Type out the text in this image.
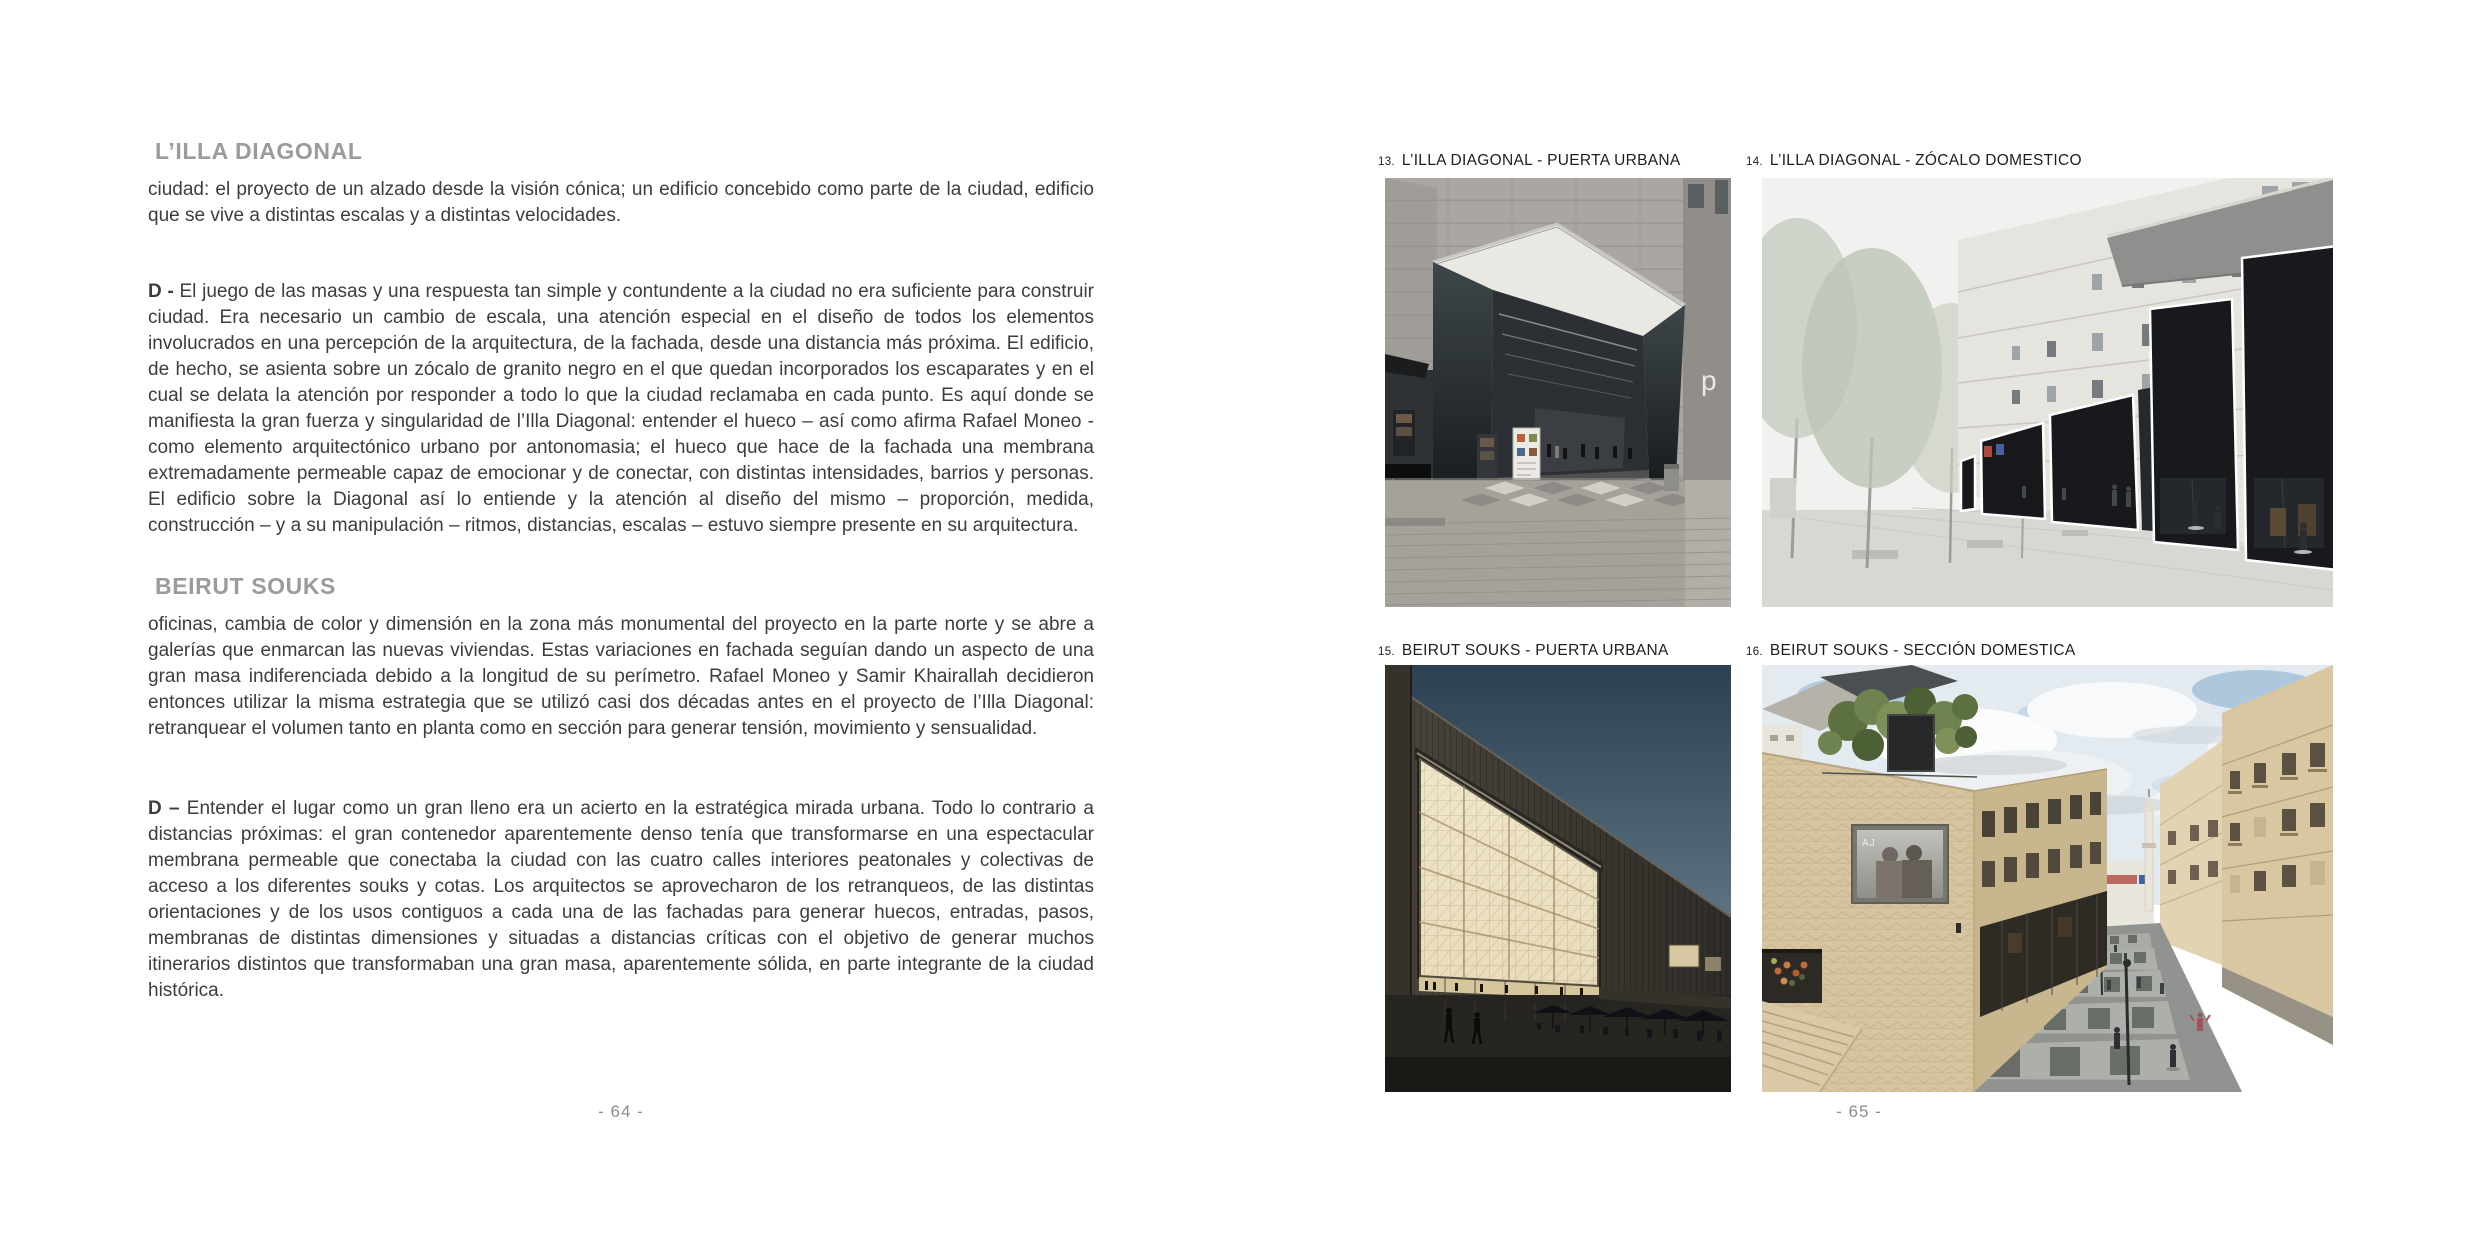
L’ILLA DIAGONAL

ciudad: el proyecto de un alzado desde la visión cónica; un edificio concebido como parte de la ciudad, edificio que se vive a distintas escalas y a distintas velocidades.

D - El juego de las masas y una respuesta tan simple y contundente a la ciudad no era suficiente para construir ciudad. Era necesario un cambio de escala, una atención especial en el diseño de todos los elementos involucrados en una percepción de la arquitectura, de la fachada, desde una distancia más próxima. El edificio, de hecho, se asienta sobre un zócalo de granito negro en el que quedan incorporados los escaparates y en el cual se delata la atención por responder a todo lo que la ciudad reclamaba en cada punto. Es aquí donde se manifiesta la gran fuerza y singularidad de l’Illa Diagonal: entender el hueco – así como afirma Rafael Moneo - como elemento arquitectónico urbano por antonomasia; el hueco que hace de la fachada una membrana extremadamente permeable capaz de emocionar y de conectar, con distintas intensidades, barrios y personas. El edificio sobre la Diagonal así lo entiende y la atención al diseño del mismo – proporción, medida, construcción – y a su manipulación – ritmos, distancias, escalas – estuvo siempre presente en su arquitectura.

BEIRUT SOUKS

oficinas, cambia de color y dimensión en la zona más monumental del proyecto en la parte norte y se abre a galerías que enmarcan las nuevas viviendas. Estas variaciones en fachada seguían dando un aspecto de una gran masa indiferenciada debido a la longitud de su perímetro. Rafael Moneo y Samir Khairallah decidieron entonces utilizar la misma estrategia que se utilizó casi dos décadas antes en el proyecto de l’Illa Diagonal: retranquear el volumen tanto en planta como en sección para generar tensión, movimiento y sensualidad.

D – Entender el lugar como un gran lleno era un acierto en la estratégica mirada urbana. Todo lo contrario a distancias próximas: el gran contenedor aparentemente denso tenía que transformarse en una espectacular membrana permeable que conectaba la ciudad con las cuatro calles interiores peatonales y colectivas de acceso a los diferentes souks y cotas. Los arquitectos se aprovecharon de los retranqueos, de las distintas orientaciones y de los usos contiguos a cada una de las fachadas para generar huecos, entradas, pasos, membranas de distintas dimensiones y situadas a distancias críticas con el objetivo de generar muchos itinerarios distintos que transformaban una gran masa, aparentemente sólida, en parte integrante de la ciudad histórica.

- 64 -
13. L’ILLA DIAGONAL - PUERTA URBANA	14. L’ILLA DIAGONAL - ZÓCALO DOMESTICO
15. BEIRUT SOUKS - PUERTA URBANA	16. BEIRUT SOUKS - SECCIÓN DOMESTICA
p
AJ
- 65 -
